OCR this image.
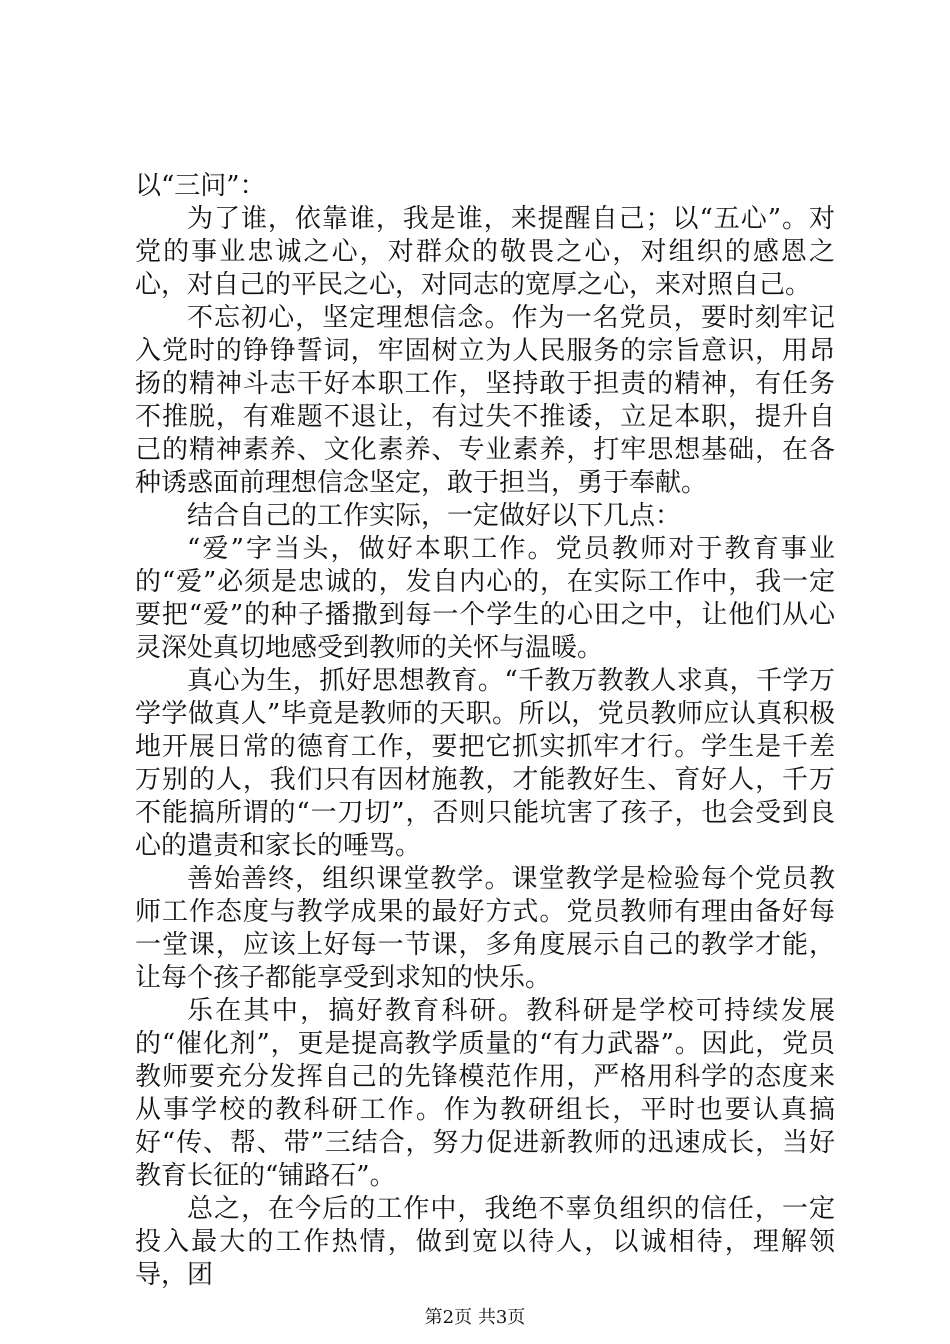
以“三问”：

为了谁，依靠谁，我是谁，来提醒自己；以“五心”。对党的事业忠诚之心，对群众的敬畏之心，对组织的感恩之心，对自己的平民之心，对同志的宽厚之心，来对照自己。

不忘初心，坚定理想信念。作为一名党员，要时刻牢记入党时的铮铮誓词，牢固树立为人民服务的宗旨意识，用昂扬的精神斗志干好本职工作，坚持敢于担责的精神，有任务不推脱，有难题不退让，有过失不推诿，立足本职，提升自己的精神素养、文化素养、专业素养，打牢思想基础，在各种诱惑面前理想信念坚定，敢于担当，勇于奉献。

结合自己的工作实际，一定做好以下几点：

“爱”字当头，做好本职工作。党员教师对于教育事业的“爱”必须是忠诚的，发自内心的，在实际工作中，我一定要把“爱”的种子播撒到每一个学生的心田之中，让他们从心灵深处真切地感受到教师的关怀与温暖。

真心为生，抓好思想教育。“千教万教教人求真，千学万学学做真人”毕竟是教师的天职。所以，党员教师应认真积极地开展日常的德育工作，要把它抓实抓牢才行。学生是千差万别的人，我们只有因材施教，才能教好生、育好人，千万不能搞所谓的“一刀切”，否则只能坑害了孩子，也会受到良心的遣责和家长的唾骂。

善始善终，组织课堂教学。课堂教学是检验每个党员教师工作态度与教学成果的最好方式。党员教师有理由备好每一堂课，应该上好每一节课，多角度展示自己的教学才能，让每个孩子都能享受到求知的快乐。

乐在其中，搞好教育科研。教科研是学校可持续发展的“催化剂”，更是提高教学质量的“有力武器”。因此，党员教师要充分发挥自己的先锋模范作用，严格用科学的态度来从事学校的教科研工作。作为教研组长，平时也要认真搞好“传、帮、带”三结合，努力促进新教师的迅速成长，当好教育长征的“铺路石”。

总之，在今后的工作中，我绝不辜负组织的信任，一定投入最大的工作热情，做到宽以待人，以诚相待，理解领导，团

第2页 共3页
